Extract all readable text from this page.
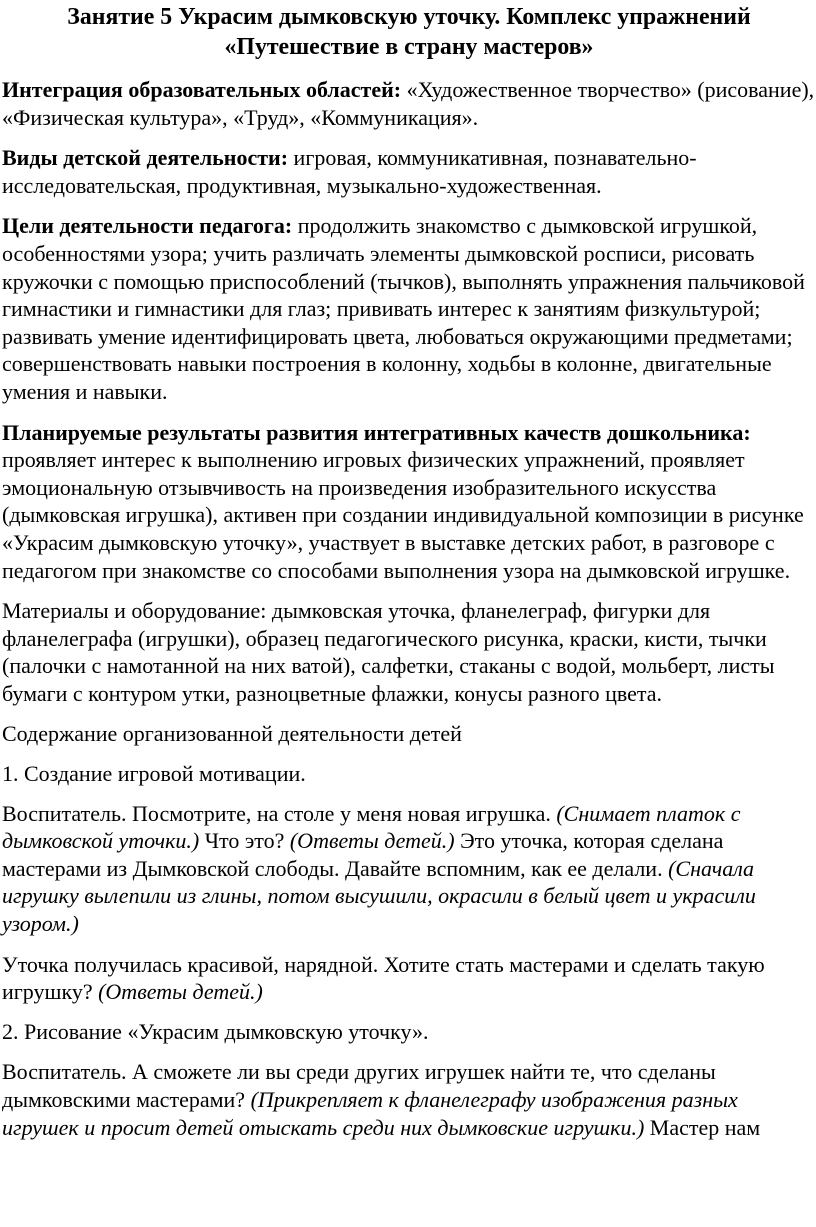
Занятие 5 Украсим дымковскую уточку. Комплекс упражнений «Путешествие в страну мастеров»

Интеграция образовательных областей: «Художественное творчество» (рисование), «Физическая культура», «Труд», «Коммуникация».

Виды детской деятельности: игровая, коммуникативная, познавательно-исследовательская, продуктивная, музыкально-художественная.

Цели деятельности педагога: продолжить знакомство с дымковской игрушкой, особенностями узора; учить различать элементы дымковской росписи, рисовать кружочки с помощью приспособлений (тычков), выполнять упражнения пальчиковой гимнастики и гимнастики для глаз; прививать интерес к занятиям физкультурой; развивать умение идентифицировать цвета, любоваться окружающими предметами; совершенствовать навыки построения в колонну, ходьбы в колонне, двигательные умения и навыки.

Планируемые результаты развития интегративных качеств дошкольника: проявляет интерес к выполнению игровых физических упражнений, проявляет эмоциональную отзывчивость на произведения изобразительного искусства (дымковская игрушка), активен при создании индивидуальной композиции в рисунке «Украсим дымковскую уточку», участвует в выставке детских работ, в разговоре с педагогом при знакомстве со способами выполнения узора на дымковской игрушке.

Материалы и оборудование: дымковская уточка, фланелеграф, фигурки для фланелеграфа (игрушки), образец педагогического рисунка, краски, кисти, тычки (палочки с намотанной на них ватой), салфетки, стаканы с водой, мольберт, листы бумаги с контуром утки, разноцветные флажки, конусы разного цвета.

Содержание организованной деятельности детей

1. Создание игровой мотивации.

Воспитатель. Посмотрите, на столе у меня новая игрушка. (Снимает платок с дымковской уточки.) Что это? (Ответы детей.) Это уточка, которая сделана мастерами из Дымковской слободы. Давайте вспомним, как ее делали. (Сначала игрушку вылепили из глины, потом высушили, окрасили в белый цвет и украсили узором.)

Уточка получилась красивой, нарядной. Хотите стать мастерами и сделать такую игрушку? (Ответы детей.)

2. Рисование «Украсим дымковскую уточку».

Воспитатель. А сможете ли вы среди других игрушек найти те, что сделаны дымковскими мастерами? (Прикрепляет к фланелеграфу изображения разных игрушек и просит детей отыскать среди них дымковские игрушки.) Мастер нам
